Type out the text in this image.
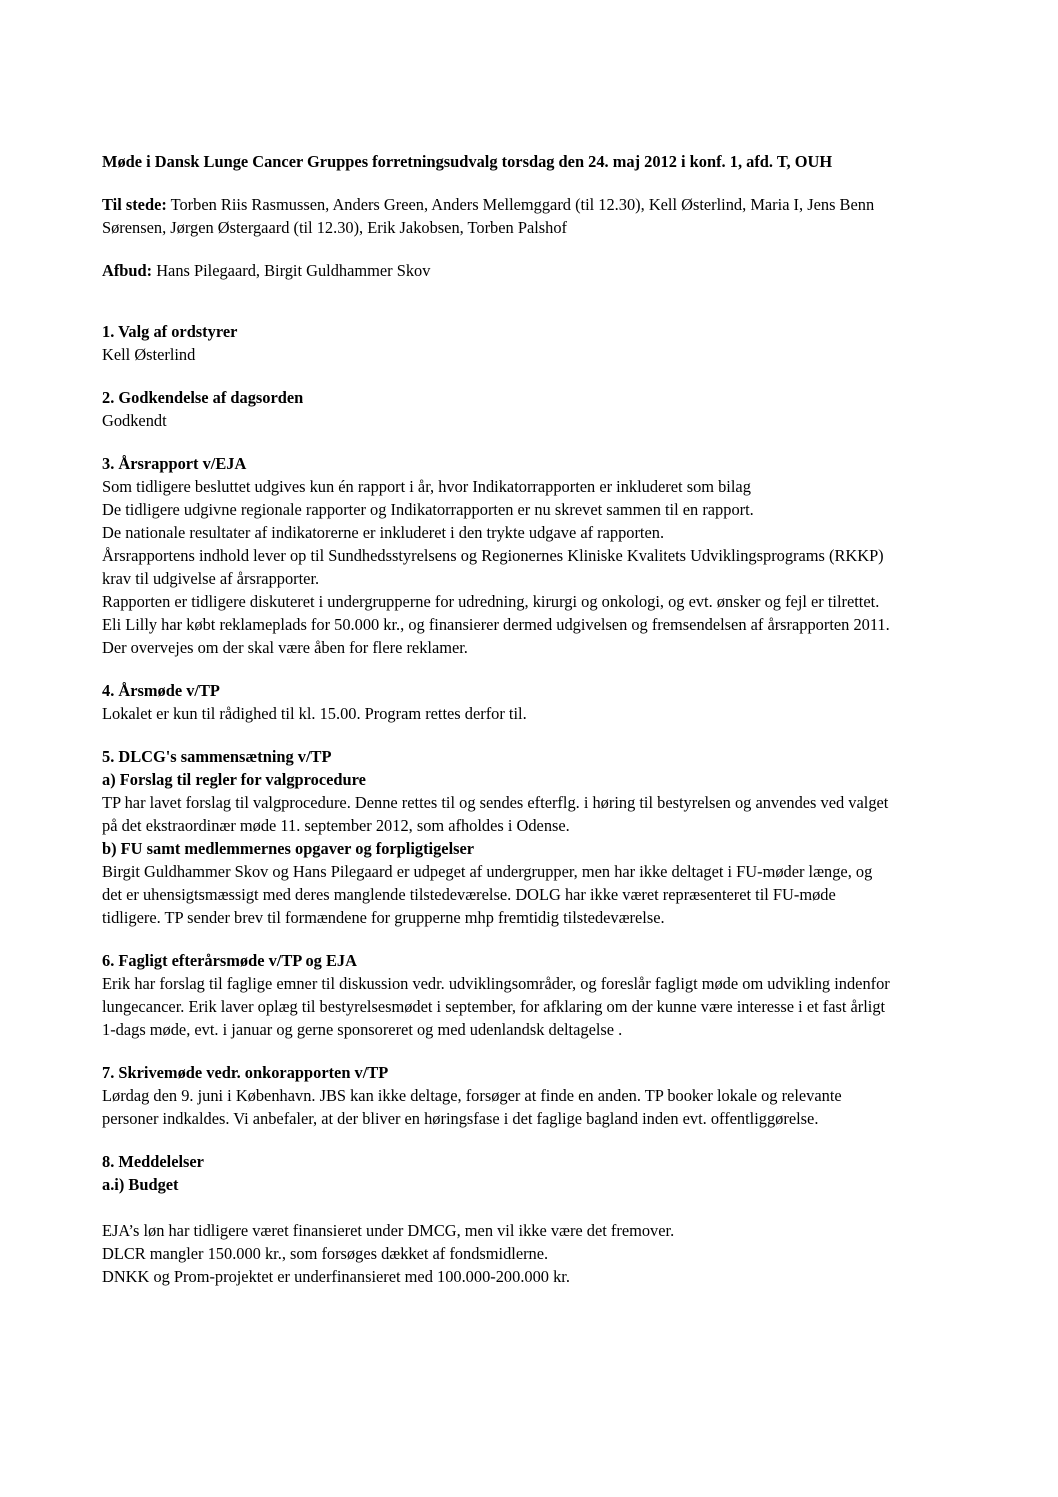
Møde i Dansk Lunge Cancer Gruppes forretningsudvalg torsdag den 24. maj 2012 i konf. 1, afd. T, OUH

Til stede: Torben Riis Rasmussen, Anders Green, Anders Mellemggard (til 12.30), Kell Østerlind, Maria I, Jens Benn

Sørensen, Jørgen Østergaard (til 12.30), Erik Jakobsen, Torben Palshof

Afbud: Hans Pilegaard, Birgit Guldhammer Skov

1. Valg af ordstyrer

Kell Østerlind

2. Godkendelse af dagsorden

Godkendt

3. Årsrapport v/EJA

Som tidligere besluttet udgives kun én rapport i år, hvor Indikatorrapporten er inkluderet som bilag

De tidligere udgivne regionale rapporter og Indikatorrapporten er nu skrevet sammen til en rapport.

De nationale resultater af indikatorerne er inkluderet i den trykte udgave af rapporten.

Årsrapportens indhold lever op til Sundhedsstyrelsens og Regionernes Kliniske Kvalitets Udviklingsprograms (RKKP)

krav til udgivelse af årsrapporter.

Rapporten er tidligere diskuteret i undergrupperne for udredning, kirurgi og onkologi, og evt. ønsker og fejl er tilrettet.

Eli Lilly har købt reklameplads for 50.000 kr., og finansierer dermed udgivelsen og fremsendelsen af årsrapporten 2011.

Der overvejes om der skal være åben for flere reklamer.

4. Årsmøde v/TP

Lokalet er kun til rådighed til kl. 15.00. Program rettes derfor til.

5. DLCG's sammensætning v/TP

a) Forslag til regler for valgprocedure

TP har lavet forslag til valgprocedure. Denne rettes til og sendes efterflg. i høring til bestyrelsen og anvendes ved valget

på det ekstraordinær møde 11. september 2012, som afholdes i Odense.

b) FU samt medlemmernes opgaver og forpligtigelser

Birgit Guldhammer Skov og Hans Pilegaard er udpeget af undergrupper, men har ikke deltaget i FU-møder længe, og

det er uhensigtsmæssigt med deres manglende tilstedeværelse. DOLG har ikke været repræsenteret til FU-møde

tidligere. TP sender brev til formændene for grupperne mhp fremtidig tilstedeværelse.

6. Fagligt efterårsmøde v/TP og EJA

Erik har forslag til faglige emner til diskussion vedr. udviklingsområder, og foreslår fagligt møde om udvikling indenfor

lungecancer. Erik laver oplæg til bestyrelsesmødet i september, for afklaring om der kunne være interesse i et fast årligt

1-dags møde, evt. i januar og gerne sponsoreret og med udenlandsk deltagelse .

7. Skrivemøde vedr. onkorapporten v/TP

Lørdag den 9. juni i København. JBS kan ikke deltage, forsøger at finde en anden. TP booker lokale og relevante

personer indkaldes. Vi anbefaler, at der bliver en høringsfase i det faglige bagland inden evt. offentliggørelse.

8. Meddelelser

a.i) Budget

EJA’s løn har tidligere været finansieret under DMCG, men vil ikke være det fremover.

DLCR mangler 150.000 kr., som forsøges dækket af fondsmidlerne.

DNKK og Prom-projektet er underfinansieret med 100.000-200.000 kr.
